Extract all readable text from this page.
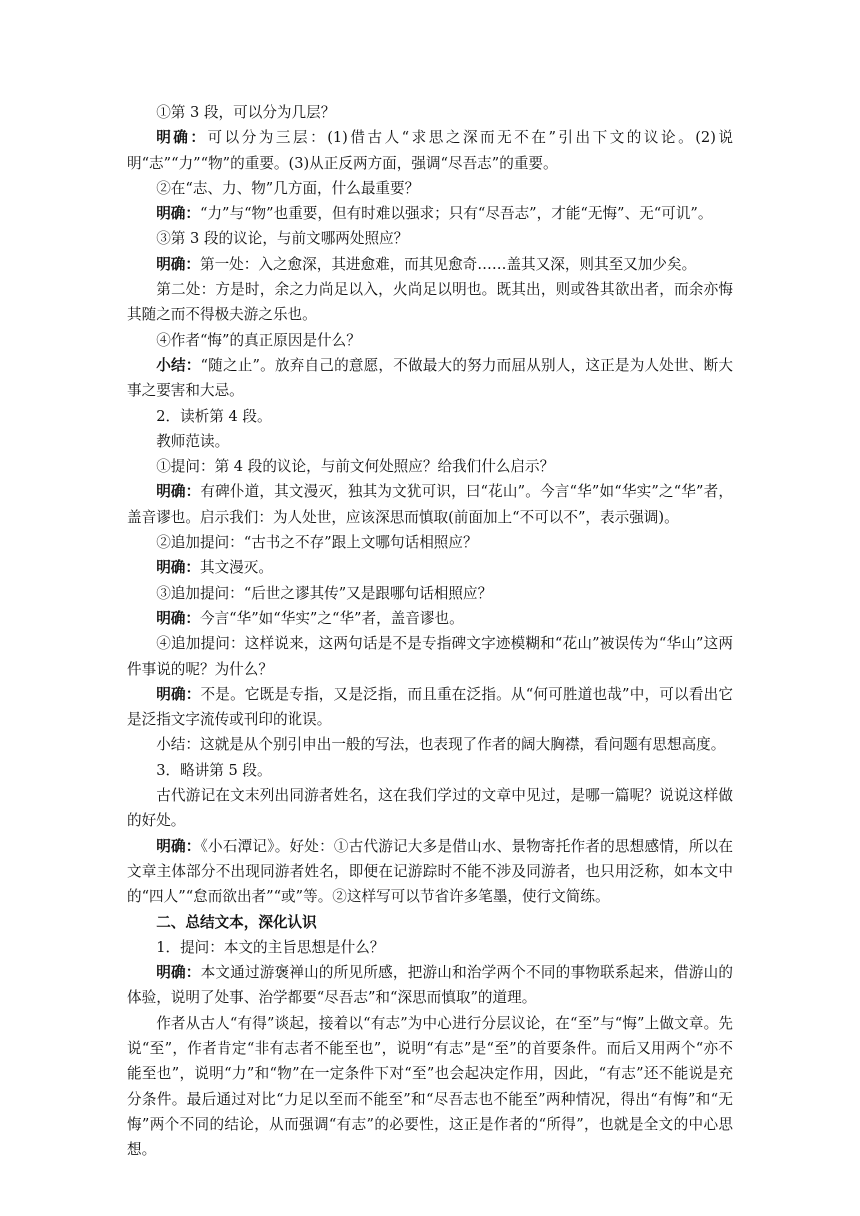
①第 3 段，可以分为几层？

明确：可以分为三层：(1)借古人“求思之深而无不在”引出下文的议论。(2)说明“志”“力”“物”的重要。(3)从正反两方面，强调“尽吾志”的重要。

②在“志、力、物”几方面，什么最重要？

明确：“力”与“物”也重要，但有时难以强求；只有“尽吾志”，才能“无悔”、无“可讥”。

③第 3 段的议论，与前文哪两处照应？

明确：第一处：入之愈深，其进愈难，而其见愈奇……盖其又深，则其至又加少矣。

第二处：方是时，余之力尚足以入，火尚足以明也。既其出，则或咎其欲出者，而余亦悔其随之而不得极夫游之乐也。

④作者“悔”的真正原因是什么？

小结：“随之止”。放弃自己的意愿，不做最大的努力而屈从别人，这正是为人处世、断大事之要害和大忌。

2．读析第 4 段。

教师范读。

①提问：第 4 段的议论，与前文何处照应？给我们什么启示？

明确：有碑仆道，其文漫灭，独其为文犹可识，曰“花山”。今言“华”如“华实”之“华”者，盖音谬也。启示我们：为人处世，应该深思而慎取(前面加上“不可以不”，表示强调)。

②追加提问：“古书之不存”跟上文哪句话相照应？

明确：其文漫灭。

③追加提问：“后世之谬其传”又是跟哪句话相照应？

明确：今言“华”如“华实”之“华”者，盖音谬也。

④追加提问：这样说来，这两句话是不是专指碑文字迹模糊和“花山”被误传为“华山”这两件事说的呢？为什么？

明确：不是。它既是专指，又是泛指，而且重在泛指。从“何可胜道也哉”中，可以看出它是泛指文字流传或刊印的讹误。

小结：这就是从个别引申出一般的写法，也表现了作者的阔大胸襟，看问题有思想高度。

3．略讲第 5 段。

古代游记在文末列出同游者姓名，这在我们学过的文章中见过，是哪一篇呢？说说这样做的好处。

明确：《小石潭记》。好处：①古代游记大多是借山水、景物寄托作者的思想感情，所以在文章主体部分不出现同游者姓名，即便在记游踪时不能不涉及同游者，也只用泛称，如本文中的“四人”“怠而欲出者”“或”等。②这样写可以节省许多笔墨，使行文简练。

二、总结文本，深化认识

1．提问：本文的主旨思想是什么？

明确：本文通过游褒禅山的所见所感，把游山和治学两个不同的事物联系起来，借游山的体验，说明了处事、治学都要“尽吾志”和“深思而慎取”的道理。

作者从古人“有得”谈起，接着以“有志”为中心进行分层议论，在“至”与“悔”上做文章。先说“至”，作者肯定“非有志者不能至也”，说明“有志”是“至”的首要条件。而后又用两个“亦不能至也”，说明“力”和“物”在一定条件下对“至”也会起决定作用，因此，“有志”还不能说是充分条件。最后通过对比“力足以至而不能至”和“尽吾志也不能至”两种情况，得出“有悔”和“无悔”两个不同的结论，从而强调“有志”的必要性，这正是作者的“所得”，也就是全文的中心思想。
